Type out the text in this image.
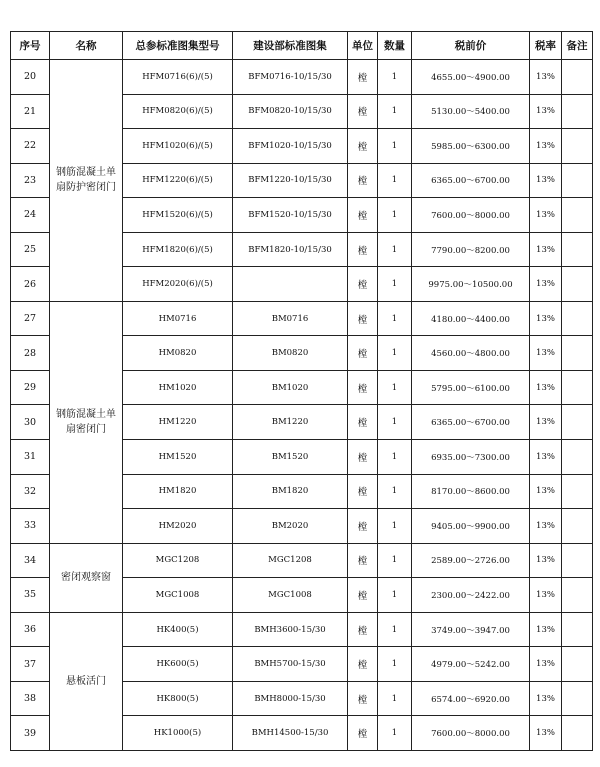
序号	名称	总参标准图集型号	建设部标准图集	单位	数量	税前价	税率	备注
20	钢筋混凝土单扇防护密闭门	HFM0716(6)/(5)	BFM0716-10/15/30	樘	1	4655.00～4900.00	13%	
21		HFM0820(6)/(5)	BFM0820-10/15/30	樘	1	5130.00～5400.00	13%	
22		HFM1020(6)/(5)	BFM1020-10/15/30	樘	1	5985.00～6300.00	13%	
23		HFM1220(6)/(5)	BFM1220-10/15/30	樘	1	6365.00～6700.00	13%	
24		HFM1520(6)/(5)	BFM1520-10/15/30	樘	1	7600.00～8000.00	13%	
25		HFM1820(6)/(5)	BFM1820-10/15/30	樘	1	7790.00～8200.00	13%	
26		HFM2020(6)/(5)		樘	1	9975.00～10500.00	13%	
27	钢筋混凝土单扇密闭门	HM0716	BM0716	樘	1	4180.00～4400.00	13%	
28		HM0820	BM0820	樘	1	4560.00～4800.00	13%	
29		HM1020	BM1020	樘	1	5795.00～6100.00	13%	
30		HM1220	BM1220	樘	1	6365.00～6700.00	13%	
31		HM1520	BM1520	樘	1	6935.00～7300.00	13%	
32		HM1820	BM1820	樘	1	8170.00～8600.00	13%	
33		HM2020	BM2020	樘	1	9405.00～9900.00	13%	
34	密闭观察窗	MGC1208	MGC1208	樘	1	2589.00～2726.00	13%	
35		MGC1008	MGC1008	樘	1	2300.00～2422.00	13%	
36	悬板活门	HK400(5)	BMH3600-15/30	樘	1	3749.00～3947.00	13%	
37		HK600(5)	BMH5700-15/30	樘	1	4979.00～5242.00	13%	
38		HK800(5)	BMH8000-15/30	樘	1	6574.00～6920.00	13%	
39		HK1000(5)	BMH14500-15/30	樘	1	7600.00～8000.00	13%	
